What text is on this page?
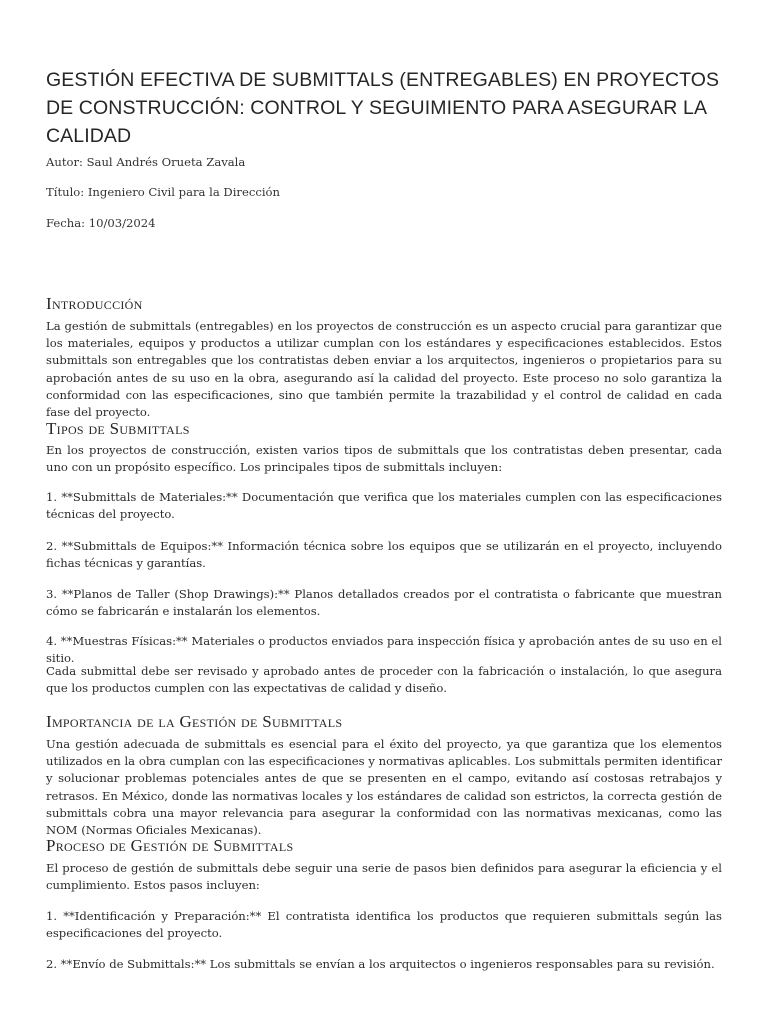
GESTIÓN EFECTIVA DE SUBMITTALS (ENTREGABLES) EN PROYECTOS DE CONSTRUCCIÓN: CONTROL Y SEGUIMIENTO PARA ASEGURAR LA CALIDAD

Autor: Saul Andrés Orueta Zavala

Título: Ingeniero Civil para la Dirección

Fecha: 10/03/2024

Introducción

La gestión de submittals (entregables) en los proyectos de construcción es un aspecto crucial para garantizar que los materiales, equipos y productos a utilizar cumplan con los estándares y especificaciones establecidos. Estos submittals son entregables que los contratistas deben enviar a los arquitectos, ingenieros o propietarios para su aprobación antes de su uso en la obra, asegurando así la calidad del proyecto. Este proceso no solo garantiza la conformidad con las especificaciones, sino que también permite la trazabilidad y el control de calidad en cada fase del proyecto.

Tipos de Submittals

En los proyectos de construcción, existen varios tipos de submittals que los contratistas deben presentar, cada uno con un propósito específico. Los principales tipos de submittals incluyen:

1. **Submittals de Materiales:** Documentación que verifica que los materiales cumplen con las especificaciones técnicas del proyecto.

2. **Submittals de Equipos:** Información técnica sobre los equipos que se utilizarán en el proyecto, incluyendo fichas técnicas y garantías.

3. **Planos de Taller (Shop Drawings):** Planos detallados creados por el contratista o fabricante que muestran cómo se fabricarán e instalarán los elementos.

4. **Muestras Físicas:** Materiales o productos enviados para inspección física y aprobación antes de su uso en el sitio.

Cada submittal debe ser revisado y aprobado antes de proceder con la fabricación o instalación, lo que asegura que los productos cumplen con las expectativas de calidad y diseño.

Importancia de la Gestión de Submittals

Una gestión adecuada de submittals es esencial para el éxito del proyecto, ya que garantiza que los elementos utilizados en la obra cumplan con las especificaciones y normativas aplicables. Los submittals permiten identificar y solucionar problemas potenciales antes de que se presenten en el campo, evitando así costosas retrabajos y retrasos. En México, donde las normativas locales y los estándares de calidad son estrictos, la correcta gestión de submittals cobra una mayor relevancia para asegurar la conformidad con las normativas mexicanas, como las NOM (Normas Oficiales Mexicanas).

Proceso de Gestión de Submittals

El proceso de gestión de submittals debe seguir una serie de pasos bien definidos para asegurar la eficiencia y el cumplimiento. Estos pasos incluyen:

1. **Identificación y Preparación:** El contratista identifica los productos que requieren submittals según las especificaciones del proyecto.

2. **Envío de Submittals:** Los submittals se envían a los arquitectos o ingenieros responsables para su revisión.
